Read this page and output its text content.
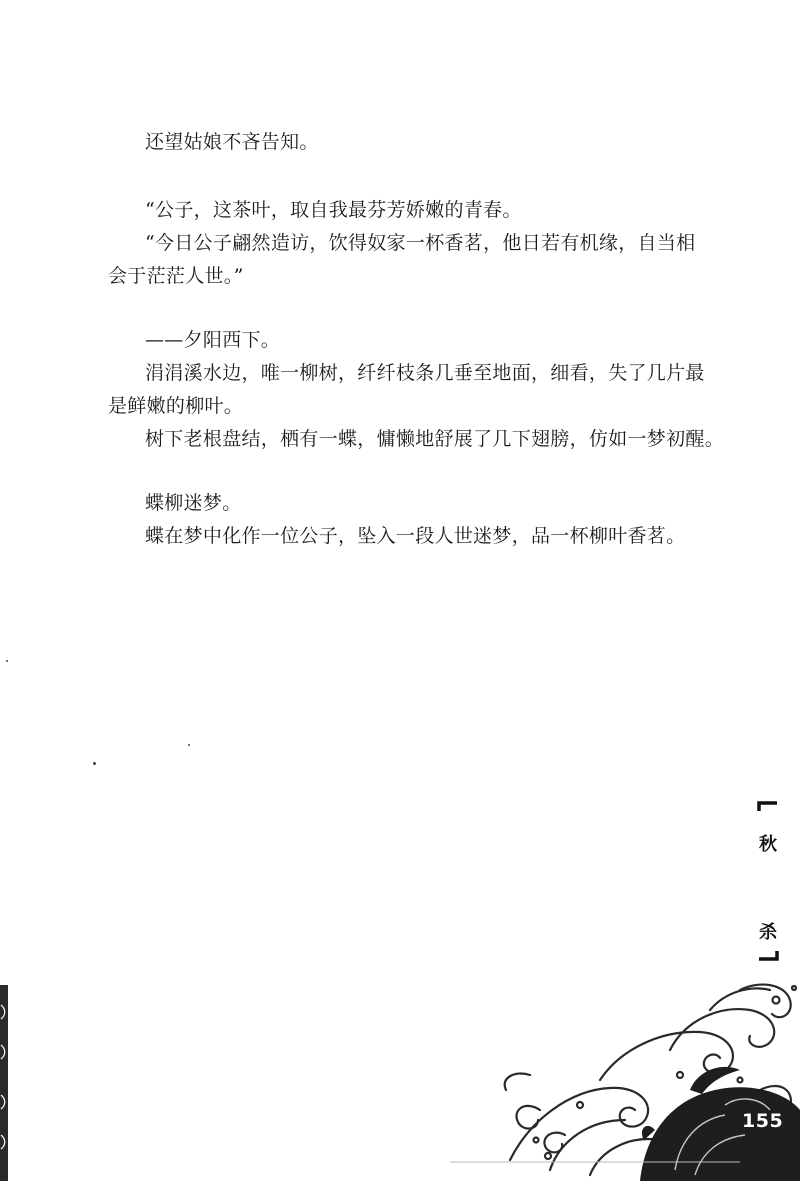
还望姑娘不吝告知。

“公子，这茶叶，取自我最芬芳娇嫩的青春。

“今日公子翩然造访，饮得奴家一杯香茗，他日若有机缘，自当相

会于茫茫人世。”

——夕阳西下。

涓涓溪水边，唯一柳树，纤纤枝条几垂至地面，细看，失了几片最

是鲜嫩的柳叶。

树下老根盘结，栖有一蝶，慵懒地舒展了几下翅膀，仿如一梦初醒。

蝶柳迷梦。

蝶在梦中化作一位公子，坠入一段人世迷梦，品一杯柳叶香茗。

秋
杀
155
